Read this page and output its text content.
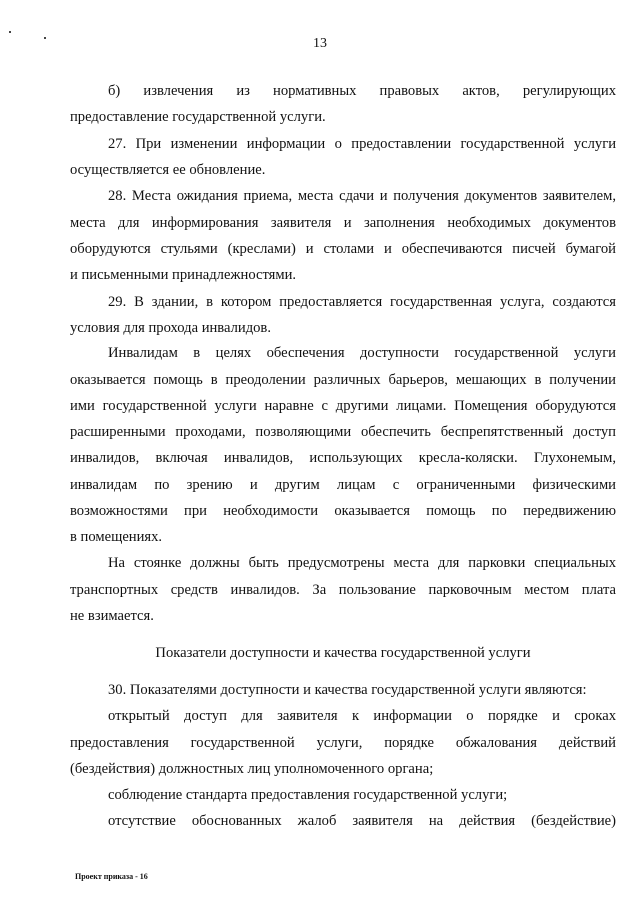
13

б) извлечения из нормативных правовых актов, регулирующих

предоставление государственной услуги.

27. При изменении информации о предоставлении государственной услуги

осуществляется ее обновление.

28. Места ожидания приема, места сдачи и получения документов заявителем,

места для информирования заявителя и заполнения необходимых документов

оборудуются стульями (креслами) и столами и обеспечиваются писчей бумагой

и письменными принадлежностями.

29. В здании, в котором предоставляется государственная услуга, создаются

условия для прохода инвалидов.

Инвалидам в целях обеспечения доступности государственной услуги

оказывается помощь в преодолении различных барьеров, мешающих в получении

ими государственной услуги наравне с другими лицами. Помещения оборудуются

расширенными проходами, позволяющими обеспечить беспрепятственный доступ

инвалидов, включая инвалидов, использующих кресла-коляски. Глухонемым,

инвалидам по зрению и другим лицам с ограниченными физическими

возможностями при необходимости оказывается помощь по передвижению

в помещениях.

На стоянке должны быть предусмотрены места для парковки специальных

транспортных средств инвалидов. За пользование парковочным местом плата

не взимается.

Показатели доступности и качества государственной услуги

30. Показателями доступности и качества государственной услуги являются:

открытый доступ для заявителя к информации о порядке и сроках

предоставления государственной услуги, порядке обжалования действий

(бездействия) должностных лиц уполномоченного органа;

соблюдение стандарта предоставления государственной услуги;

отсутствие обоснованных жалоб заявителя на действия (бездействие)

Проект приказа - 16
